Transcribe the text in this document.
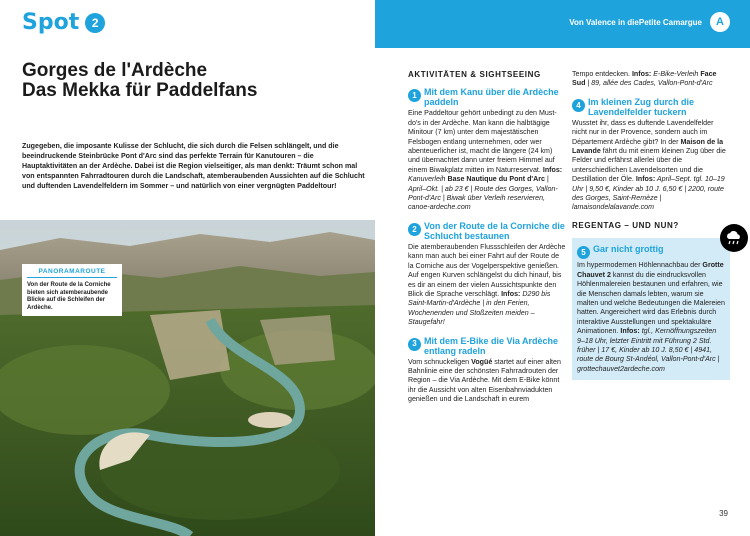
Spot	2	Von Valence in diePetite Camargue A
Gorges de l'Ardèche
Das Mekka für Paddelfans

Zugegeben, die imposante Kulisse der Schlucht, die sich durch die Felsen schlängelt, und die beeindruckende Steinbrücke Pont d'Arc sind das perfekte Terrain für Kanutouren – die Hauptaktivitäten an der Ardèche. Dabei ist die Region vielseitiger, als man denkt: Träumt schon mal von entspannten Fahrradtouren durch die Landschaft, atemberaubenden Aussichten auf die Schlucht und duftenden Lavendelfeldern im Sommer – und natürlich von einer vergnügten Paddeltour!

PANORAMAROUTE
Von der Route de la Corniche bieten sich atemberaubende Blicke auf die Schleifen der Ardèche.
AKTIVITÄTEN & SIGHTSEEING
1 Mit dem Kanu über die Ardèche paddeln
Eine Paddeltour gehört unbedingt zu den Must-do's in der Ardèche. Man kann die halbtägige Minitour (7 km) unter dem majestätischen Felsbogen entlang unternehmen, oder wer abenteuerlicher ist, macht die längere (24 km) und übernachtet dann unter freiem Himmel auf einem Biwakplatz mitten im Naturreservat. Infos: Kanuverleih Base Nautique du Pont d'Arc | April–Okt. | ab 23 € | Route des Gorges, Vallon-Pont-d'Arc | Biwak über Verleih reservieren, canoe-ardeche.com
2 Von der Route de la Corniche die Schlucht bestaunen
Die atemberaubenden Flussschleifen der Ardèche kann man auch bei einer Fahrt auf der Route de la Corniche aus der Vogelperspektive genießen. Auf engen Kurven schlängelst du dich hinauf, bis es dir an einem der vielen Aussichtspunkte den Blick die Sprache verschlägt. Infos: D290 bis Saint-Martin-d'Ardèche | in den Ferien, Wochenenden und Stoßzeiten meiden – Staugefahr!
3 Mit dem E-Bike die Via Ardèche entlang radeln
Vom schnuckeligen Vogüé startet auf einer alten Bahnlinie eine der schönsten Fahrradrouten der Region – die Via Ardèche. Mit dem E-Bike könnt ihr die Aussicht von alten Eisenbahnviadukten genießen und die Landschaft in eurem
Tempo entdecken. Infos: E-Bike-Verleih Face Sud | 89, allée des Cades, Vallon-Pont-d'Arc
4 Im kleinen Zug durch die Lavendelfelder tuckern
Wusstet ihr, dass es duftende Lavendelfelder nicht nur in der Provence, sondern auch im Département Ardèche gibt? In der Maison de la Lavande fährt du mit einem kleinen Zug über die Felder und erfährst allerlei über die unterschiedlichen Lavendelsorten und die Destillation der Öle. Infos: April–Sept. tgl. 10–19 Uhr | 9,50 €, Kinder ab 10 J. 6,50 € | 2200, route des Gorges, Saint-Remèze | lamaisondelalavande.com
REGENTAG – UND NUN?
5 Gar nicht grottig
Im hypermodernen Höhlennachbau der Grotte Chauvet 2 kannst du die eindrucksvollen Höhlenmalereien bestaunen und erfahren, wie die Menschen damals lebten, warum sie malten und welche Bedeutungen die Malereien hatten. Angereichert wird das Erlebnis durch interaktive Ausstellungen und spektakuläre Animationen. Infos: tgl., Kernöffnungszeiten 9–18 Uhr, letzter Eintritt mit Führung 2 Std. früher | 17 €, Kinder ab 10 J. 8,50 € | 4941, route de Bourg St-Andéol, Vallon-Pont-d'Arc | grottechauvet2ardeche.com
39
